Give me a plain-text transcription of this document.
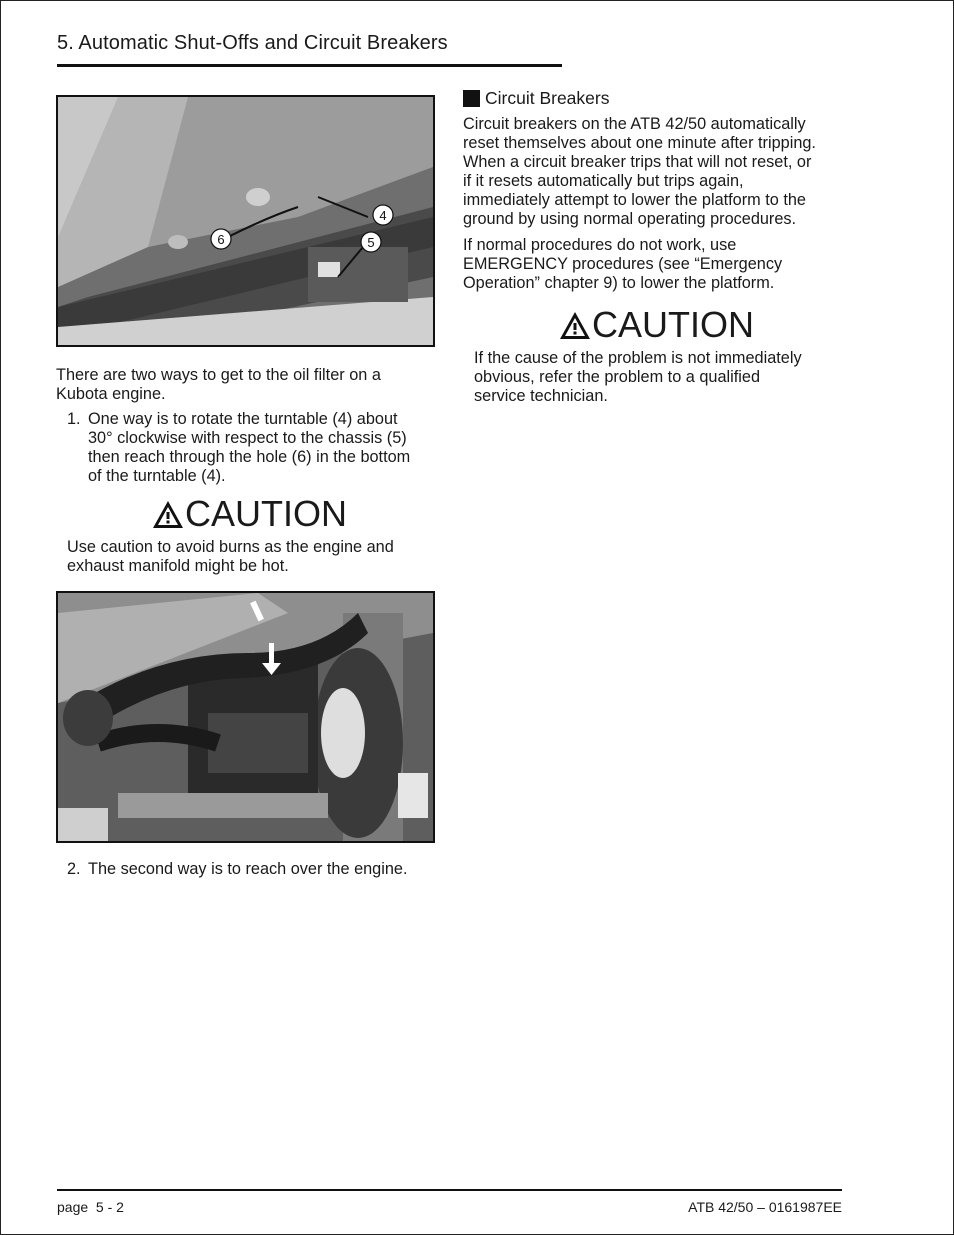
5. Automatic Shut-Offs and Circuit Breakers
4
5
6

There are two ways to get to the oil filter on a Kubota engine.

1. One way is to rotate the turntable (4) about
30° clockwise with respect to the chassis (5)
then reach through the hole (6) in the bottom
of the turntable (4).
CAUTION
Use caution to avoid burns as the engine and
exhaust manifold might be hot.
2. The second way is to reach over the engine.
Circuit Breakers
Circuit breakers on the ATB 42/50 automatically
reset themselves about one minute after tripping.
When a circuit breaker trips that will not reset, or
if it resets automatically but trips again,
immediately attempt to lower the platform to the
ground by using normal operating procedures.
If normal procedures do not work, use
EMERGENCY procedures (see “Emergency
Operation” chapter 9) to lower the platform.
CAUTION
If the cause of the problem is not immediately
obvious, refer the problem to a qualified
service technician.
page  5 - 2	ATB 42/50 – 0161987EE
